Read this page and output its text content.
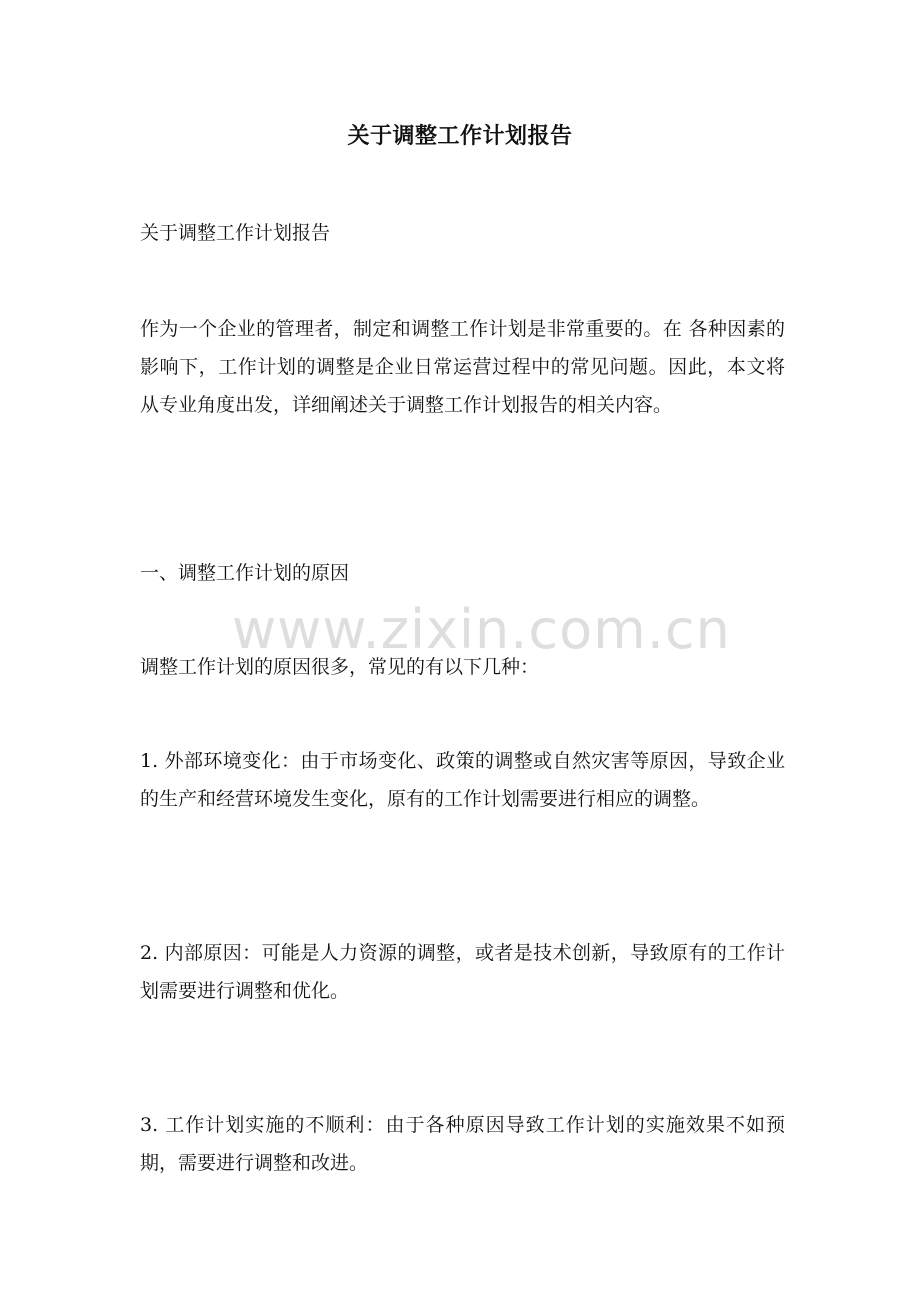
关于调整工作计划报告

关于调整工作计划报告

作为一个企业的管理者，制定和调整工作计划是非常重要的。在 各种因素的影响下，工作计划的调整是企业日常运营过程中的常见问题。因此，本文将从专业角度出发，详细阐述关于调整工作计划报告的相关内容。

一、调整工作计划的原因

调整工作计划的原因很多，常见的有以下几种：

1. 外部环境变化：由于市场变化、政策的调整或自然灾害等原因，导致企业的生产和经营环境发生变化，原有的工作计划需要进行相应的调整。

2. 内部原因：可能是人力资源的调整，或者是技术创新，导致原有的工作计划需要进行调整和优化。

3. 工作计划实施的不顺利：由于各种原因导致工作计划的实施效果不如预期，需要进行调整和改进。

www.zixin.com.cn
